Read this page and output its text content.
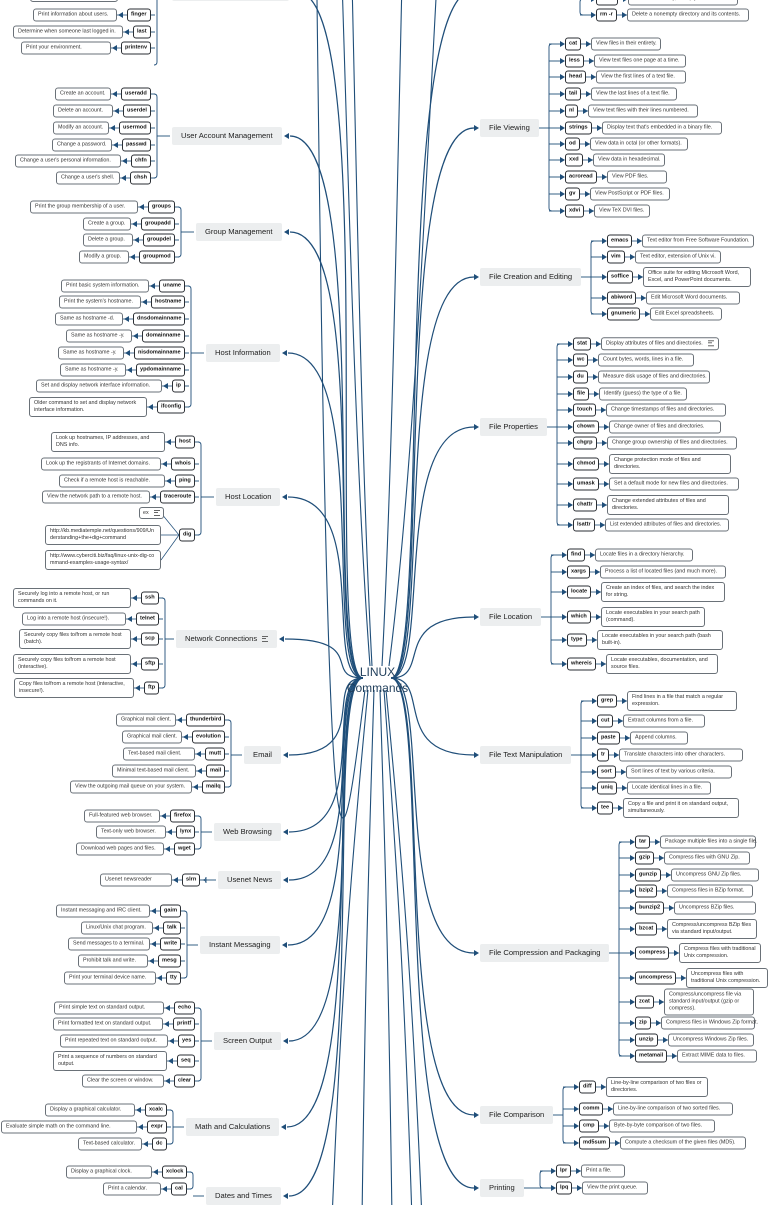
LINUX
Commands
finger
Print information about users.
last
Determine when someone last logged in.
printenv
Print your environment.
User Account Management
useradd
Create an account.
userdel
Delete an account.
usermod
Modify an account.
passwd
Change a password.
chfn
Change a user's personal information.
chsh
Change a user's shell.
Group Management
groups
Print the group membership of a user.
groupadd
Create a group.
groupdel
Delete a group.
groupmod
Modify a group.
Host Information
uname
Print basic system information.
hostname
Print the system's hostname.
dnsdomainname
Same as hostname -d.
domainname
Same as hostname -y.
nisdomainname
Same as hostname -y.
ypdomainname
Same as hostname -y.
ip
Set and display network interface information.
ifconfig
Older command to set and display network interface information.
Host Location
host
Look up hostnames, IP addresses, and DNS info.
whois
Look up the registrants of Internet domains.
ping
Check if a remote host is reachable.
traceroute
View the network path to a remote host.
dig
ex
http://kb.mediatemple.net/questions/909/Understanding+the+dig+command
http://www.cyberciti.biz/faq/linux-unix-dig-command-examples-usage-syntax/
Network Connections
ssh
Securely log into a remote host, or run commands on it.
telnet
Log into a remote host (insecure!).
scp
Securely copy files to/from a remote host (batch).
sftp
Securely copy files to/from a remote host (interactive).
ftp
Copy files to/from a remote host (interactive, insecure!).
Email
thunderbird
Graphical mail client.
evolution
Graphical mail client.
mutt
Text-based mail client.
mail
Minimal text-based mail client.
mailq
View the outgoing mail queue on your system.
Web Browsing
firefox
Full-featured web browser.
lynx
Text-only web browser.
wget
Download web pages and files.
Usenet News
slrn
Usenet newsreader
Instant Messaging
gaim
Instant messaging and IRC client.
talk
Linux/Unix chat program.
write
Send messages to a terminal.
mesg
Prohibit talk and write.
tty
Print your terminal device name.
Screen Output
echo
Print simple text on standard output.
printf
Print formatted text on standard output.
yes
Print repeated text on standard output.
seq
Print a sequence of numbers on standard output.
clear
Clear the screen or window.
Math and Calculations
xcalc
Display a graphical calculator.
expr
Evaluate simple math on the command line.
dc
Text-based calculator.
Dates and Times
xclock
Display a graphical clock.
cal
Print a calendar.
rm -r	Delete a nonempty directory and its contents.
File Viewing
cat
less
head
tail
nl
strings
od
xxd
acroread
gv
xdvi
View files in their entirety.
View text files one page at a time.
View the first lines of a text file.
View the last lines of a text file.
View text files with their lines numbered.
Display text that's embedded in a binary file.
View data in octal (or other formats).
View data in hexadecimal.
View PDF files.
View PostScript or PDF files.
View TeX DVI files.
File Creation and Editing
emacs
vim
soffice
abiword
gnumeric
Text editor from Free Software Foundation.
Text editor, extension of Unix vi.
Office suite for editing Microsoft Word, Excel, and PowerPoint documents.
Edit Microsoft Word documents.
Edit Excel spreadsheets.
File Properties
stat
wc
du
file
touch
chown
chgrp
chmod
umask
chattr
lsattr
Display attributes of files and directories.
Count bytes, words, lines in a file.
Measure disk usage of files and directories.
Identify (guess) the type of a file.
Change timestamps of files and directories.
Change owner of files and directories.
Change group ownership of files and directories.
Change protection mode of files and directories.
Set a default mode for new files and directories.
Change extended attributes of files and directories.
List extended attributes of files and directories.
File Location
find
xargs
locate
which
type
whereis
Locate files in a directory hierarchy.
Process a list of located files (and much more).
Create an index of files, and search the index for string.
Locate executables in your search path (command).
Locate executables in your search path (bash built-in).
Locate executables, documentation, and source files.
File Text Manipulation
grep
cut
paste
tr
sort
uniq
tee
Find lines in a file that match a regular expression.
Extract columns from a file.
Append columns.
Translate characters into other characters.
Sort lines of text by various criteria.
Locate identical lines in a file.
Copy a file and print it on standard output, simultaneously.
File Compression and Packaging
tar
gzip
gunzip
bzip2
bunzip2
bzcat
compress
uncompress
zcat
zip
unzip
metamail
Package multiple files into a single file.
Compress files with GNU Zip.
Uncompress GNU Zip files.
Compress files in BZip format.
Uncompress BZip files.
Compress/uncompress BZip files via standard input/output.
Compress files with traditional Unix compression.
Uncompress files with traditional Unix compression.
Compress/uncompress file via standard input/output (gzip or compress).
Compress files in Windows Zip format.
Uncompress Windows Zip files.
Extract MIME data to files.
File Comparison
diff
comm
cmp
md5sum
Line-by-line comparison of two files or directories.
Line-by-line comparison of two sorted files.
Byte-by-byte comparison of two files.
Compute a checksum of the given files (MD5).
Printing
lpr
lpq
Print a file.
View the print queue.
